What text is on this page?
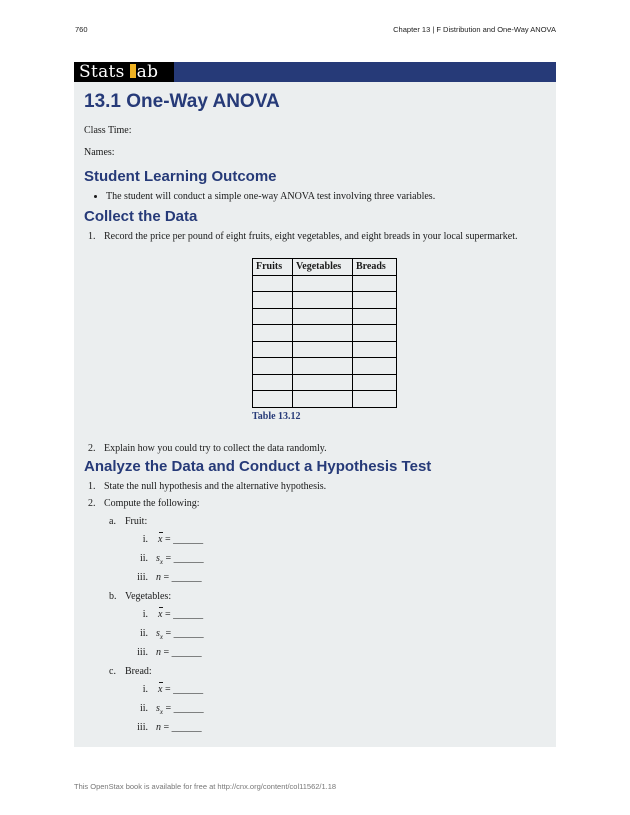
760	Chapter 13 | F Distribution and One-Way ANOVA
Stats ab
13.1 One-Way ANOVA

Class Time:

Names:

Student Learning Outcome
• The student will conduct a simple one-way ANOVA test involving three variables.
Collect the Data
1. Record the price per pound of eight fruits, eight vegetables, and eight breads in your local supermarket.
Fruits	Vegetables	Breads

Table 13.12
2. Explain how you could try to collect the data randomly.
Analyze the Data and Conduct a Hypothesis Test
1. State the null hypothesis and the alternative hypothesis.
2. Compute the following:
a. Fruit:
i. x = ______
ii. $s_x$ = ______
iii. n = ______
b. Vegetables:
i. x = ______
ii. $s_x$ = ______
iii. n = ______
c. Bread:
i. x = ______
ii. $s_x$ = ______
iii. n = ______
This OpenStax book is available for free at http://cnx.org/content/col11562/1.18
